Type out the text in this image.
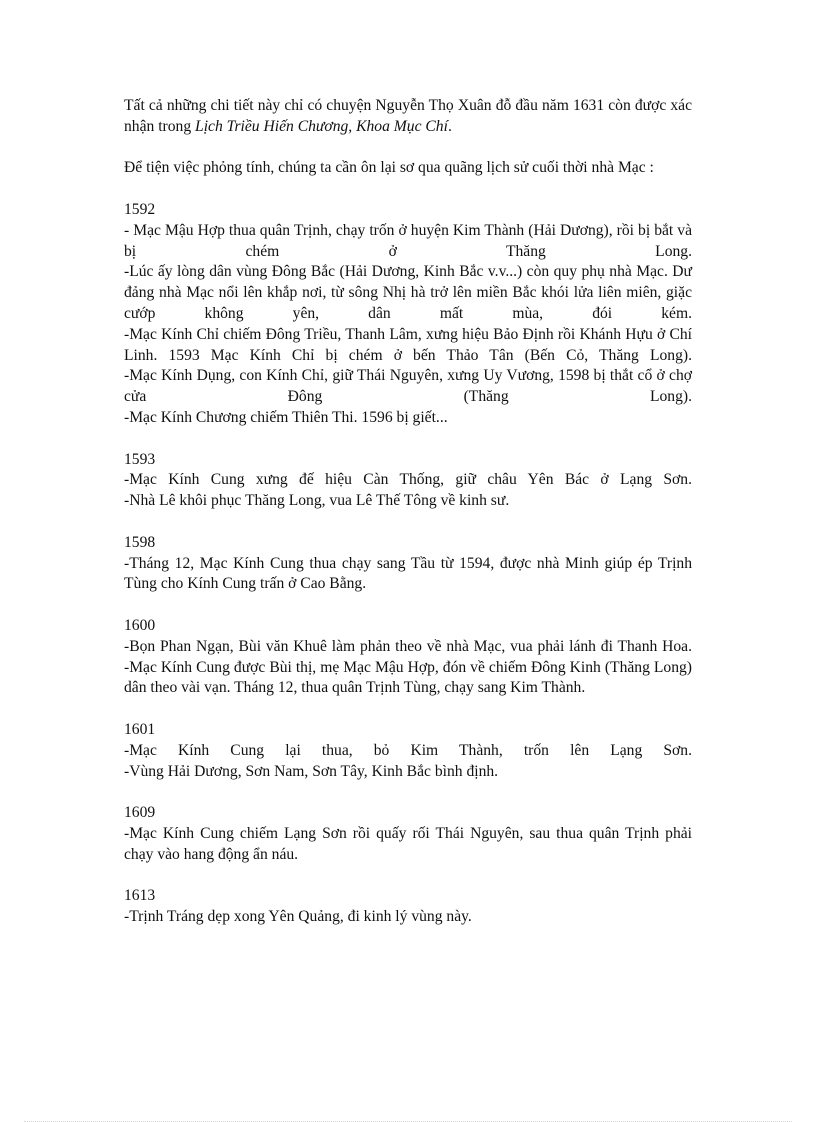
Tất cả những chi tiết này chỉ có chuyện Nguyễn Thọ Xuân đỗ đầu năm 1631 còn được xác nhận trong Lịch Triều Hiến Chương, Khoa Mục Chí.

Để tiện việc phỏng tính, chúng ta cần ôn lại sơ qua quãng lịch sử cuối thời nhà Mạc :

1592
- Mạc Mậu Hợp thua quân Trịnh, chạy trốn ở huyện Kim Thành (Hải Dương), rồi bị bắt và bị chém ở Thăng Long.
-Lúc ấy lòng dân vùng Đông Bắc (Hải Dương, Kinh Bắc v.v...) còn quy phụ nhà Mạc. Dư đảng nhà Mạc nổi lên khắp nơi, từ sông Nhị hà trở lên miền Bắc khói lửa liên miên, giặc cướp không yên, dân mất mùa, đói kém.
-Mạc Kính Chỉ chiếm Đông Triều, Thanh Lâm, xưng hiệu Bảo Định rồi Khánh Hựu ở Chí Linh. 1593 Mạc Kính Chỉ bị chém ở bến Thảo Tân (Bến Cỏ, Thăng Long).
-Mạc Kính Dụng, con Kính Chỉ, giữ Thái Nguyên, xưng Uy Vương, 1598 bị thắt cổ ở chợ cửa Đông (Thăng Long).
-Mạc Kính Chương chiếm Thiên Thi. 1596 bị giết...
1593
-Mạc Kính Cung xưng đế hiệu Càn Thống, giữ châu Yên Bác ở Lạng Sơn.
-Nhà Lê khôi phục Thăng Long, vua Lê Thế Tông về kinh sư.
1598
-Tháng 12, Mạc Kính Cung thua chạy sang Tầu từ 1594, được nhà Minh giúp ép Trịnh Tùng cho Kính Cung trấn ở Cao Bằng.
1600
-Bọn Phan Ngạn, Bùi văn Khuê làm phản theo về nhà Mạc, vua phải lánh đi Thanh Hoa.
-Mạc Kính Cung được Bùi thị, mẹ Mạc Mậu Hợp, đón về chiếm Đông Kinh (Thăng Long) dân theo vài vạn. Tháng 12, thua quân Trịnh Tùng, chạy sang Kim Thành.
1601
-Mạc Kính Cung lại thua, bỏ Kim Thành, trốn lên Lạng Sơn.
-Vùng Hải Dương, Sơn Nam, Sơn Tây, Kinh Bắc bình định.
1609
-Mạc Kính Cung chiếm Lạng Sơn rồi quấy rối Thái Nguyên, sau thua quân Trịnh phải chạy vào hang động ẩn náu.
1613
-Trịnh Tráng dẹp xong Yên Quảng, đi kinh lý vùng này.
